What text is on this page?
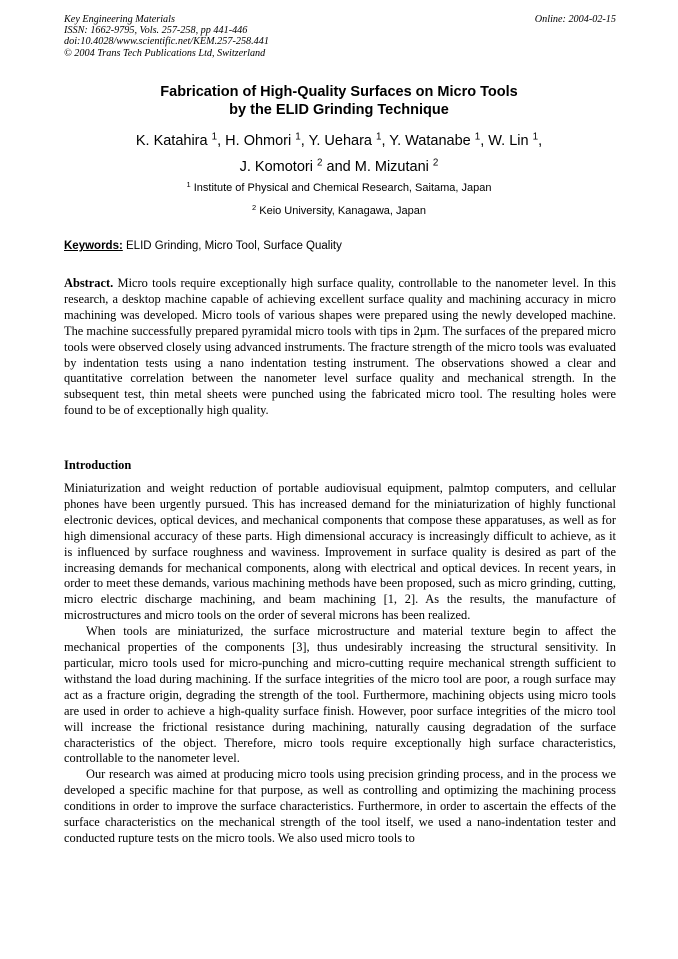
Key Engineering Materials
ISSN: 1662-9795, Vols. 257-258, pp 441-446
doi:10.4028/www.scientific.net/KEM.257-258.441
© 2004 Trans Tech Publications Ltd, Switzerland
Online: 2004-02-15
Fabrication of High-Quality Surfaces on Micro Tools
by the ELID Grinding Technique
K. Katahira $^1$, H. Ohmori $^1$, Y. Uehara $^1$, Y. Watanabe $^1$, W. Lin $^1$,
J. Komotori $^2$ and M. Mizutani $^2$
$^1$ Institute of Physical and Chemical Research, Saitama, Japan
$^2$ Keio University, Kanagawa, Japan
Keywords: ELID Grinding, Micro Tool, Surface Quality

Abstract. Micro tools require exceptionally high surface quality, controllable to the nanometer level. In this research, a desktop machine capable of achieving excellent surface quality and machining accuracy in micro machining was developed. Micro tools of various shapes were prepared using the newly developed machine. The machine successfully prepared pyramidal micro tools with tips in 2µm. The surfaces of the prepared micro tools were observed closely using advanced instruments. The fracture strength of the micro tools was evaluated by indentation tests using a nano indentation testing instrument. The observations showed a clear and quantitative correlation between the nanometer level surface quality and mechanical strength. In the subsequent test, thin metal sheets were punched using the fabricated micro tool. The resulting holes were found to be of exceptionally high quality.

Introduction

Miniaturization and weight reduction of portable audiovisual equipment, palmtop computers, and cellular phones have been urgently pursued. This has increased demand for the miniaturization of highly functional electronic devices, optical devices, and mechanical components that compose these apparatuses, as well as for high dimensional accuracy of these parts. High dimensional accuracy is increasingly difficult to achieve, as it is influenced by surface roughness and waviness. Improvement in surface quality is desired as part of the increasing demands for mechanical components, along with electrical and optical devices. In recent years, in order to meet these demands, various machining methods have been proposed, such as micro grinding, cutting, micro electric discharge machining, and beam machining [1, 2]. As the results, the manufacture of microstructures and micro tools on the order of several microns has been realized.

When tools are miniaturized, the surface microstructure and material texture begin to affect the mechanical properties of the components [3], thus undesirably increasing the structural sensitivity. In particular, micro tools used for micro-punching and micro-cutting require mechanical strength sufficient to withstand the load during machining. If the surface integrities of the micro tool are poor, a rough surface may act as a fracture origin, degrading the strength of the tool. Furthermore, machining objects using micro tools are used in order to achieve a high-quality surface finish. However, poor surface integrities of the micro tool will increase the frictional resistance during machining, naturally causing degradation of the surface characteristics of the object. Therefore, micro tools require exceptionally high surface characteristics, controllable to the nanometer level.

Our research was aimed at producing micro tools using precision grinding process, and in the process we developed a specific machine for that purpose, as well as controlling and optimizing the machining process conditions in order to improve the surface characteristics. Furthermore, in order to ascertain the effects of the surface characteristics on the mechanical strength of the tool itself, we used a nano-indentation tester and conducted rupture tests on the micro tools. We also used micro tools to
